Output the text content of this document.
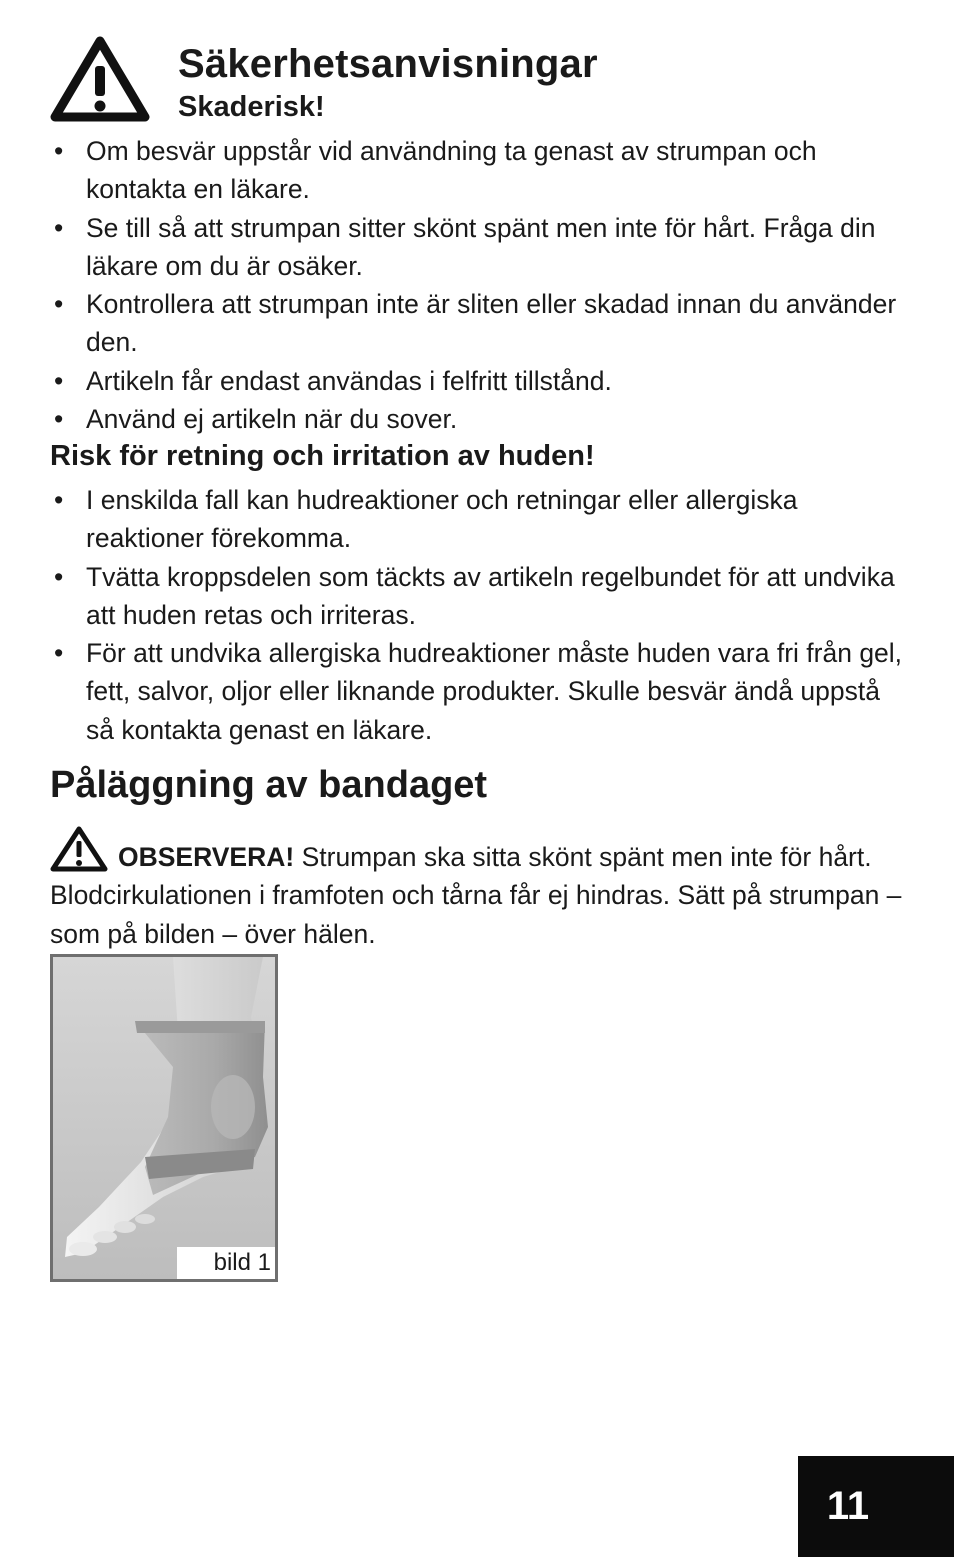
Säkerhetsanvisningar
Skaderisk!
• Om besvär uppstår vid användning ta genast av strumpan och kontakta en läkare.
• Se till så att strumpan sitter skönt spänt men inte för hårt. Fråga din läkare om du är osäker.
• Kontrollera att strumpan inte är sliten eller skadad innan du använder den.
• Artikeln får endast användas i felfritt tillstånd.
• Använd ej artikeln när du sover.
Risk för retning och irritation av huden!
• I enskilda fall kan hudreaktioner och retningar eller allergiska reaktioner förekomma.
• Tvätta kroppsdelen som täckts av artikeln regelbundet för att undvika att huden retas och irriteras.
• För att undvika allergiska hudreaktioner måste huden vara fri från gel, fett, salvor, oljor eller liknande produkter. Skulle besvär ändå uppstå så kontakta genast en läkare.
Påläggning av bandaget

OBSERVERA! Strumpan ska sitta skönt spänt men inte för hårt. Blodcirkulationen i framfoten och tårna får ej hindras. Sätt på strumpan – som på bilden – över hälen.

bild 1
11
